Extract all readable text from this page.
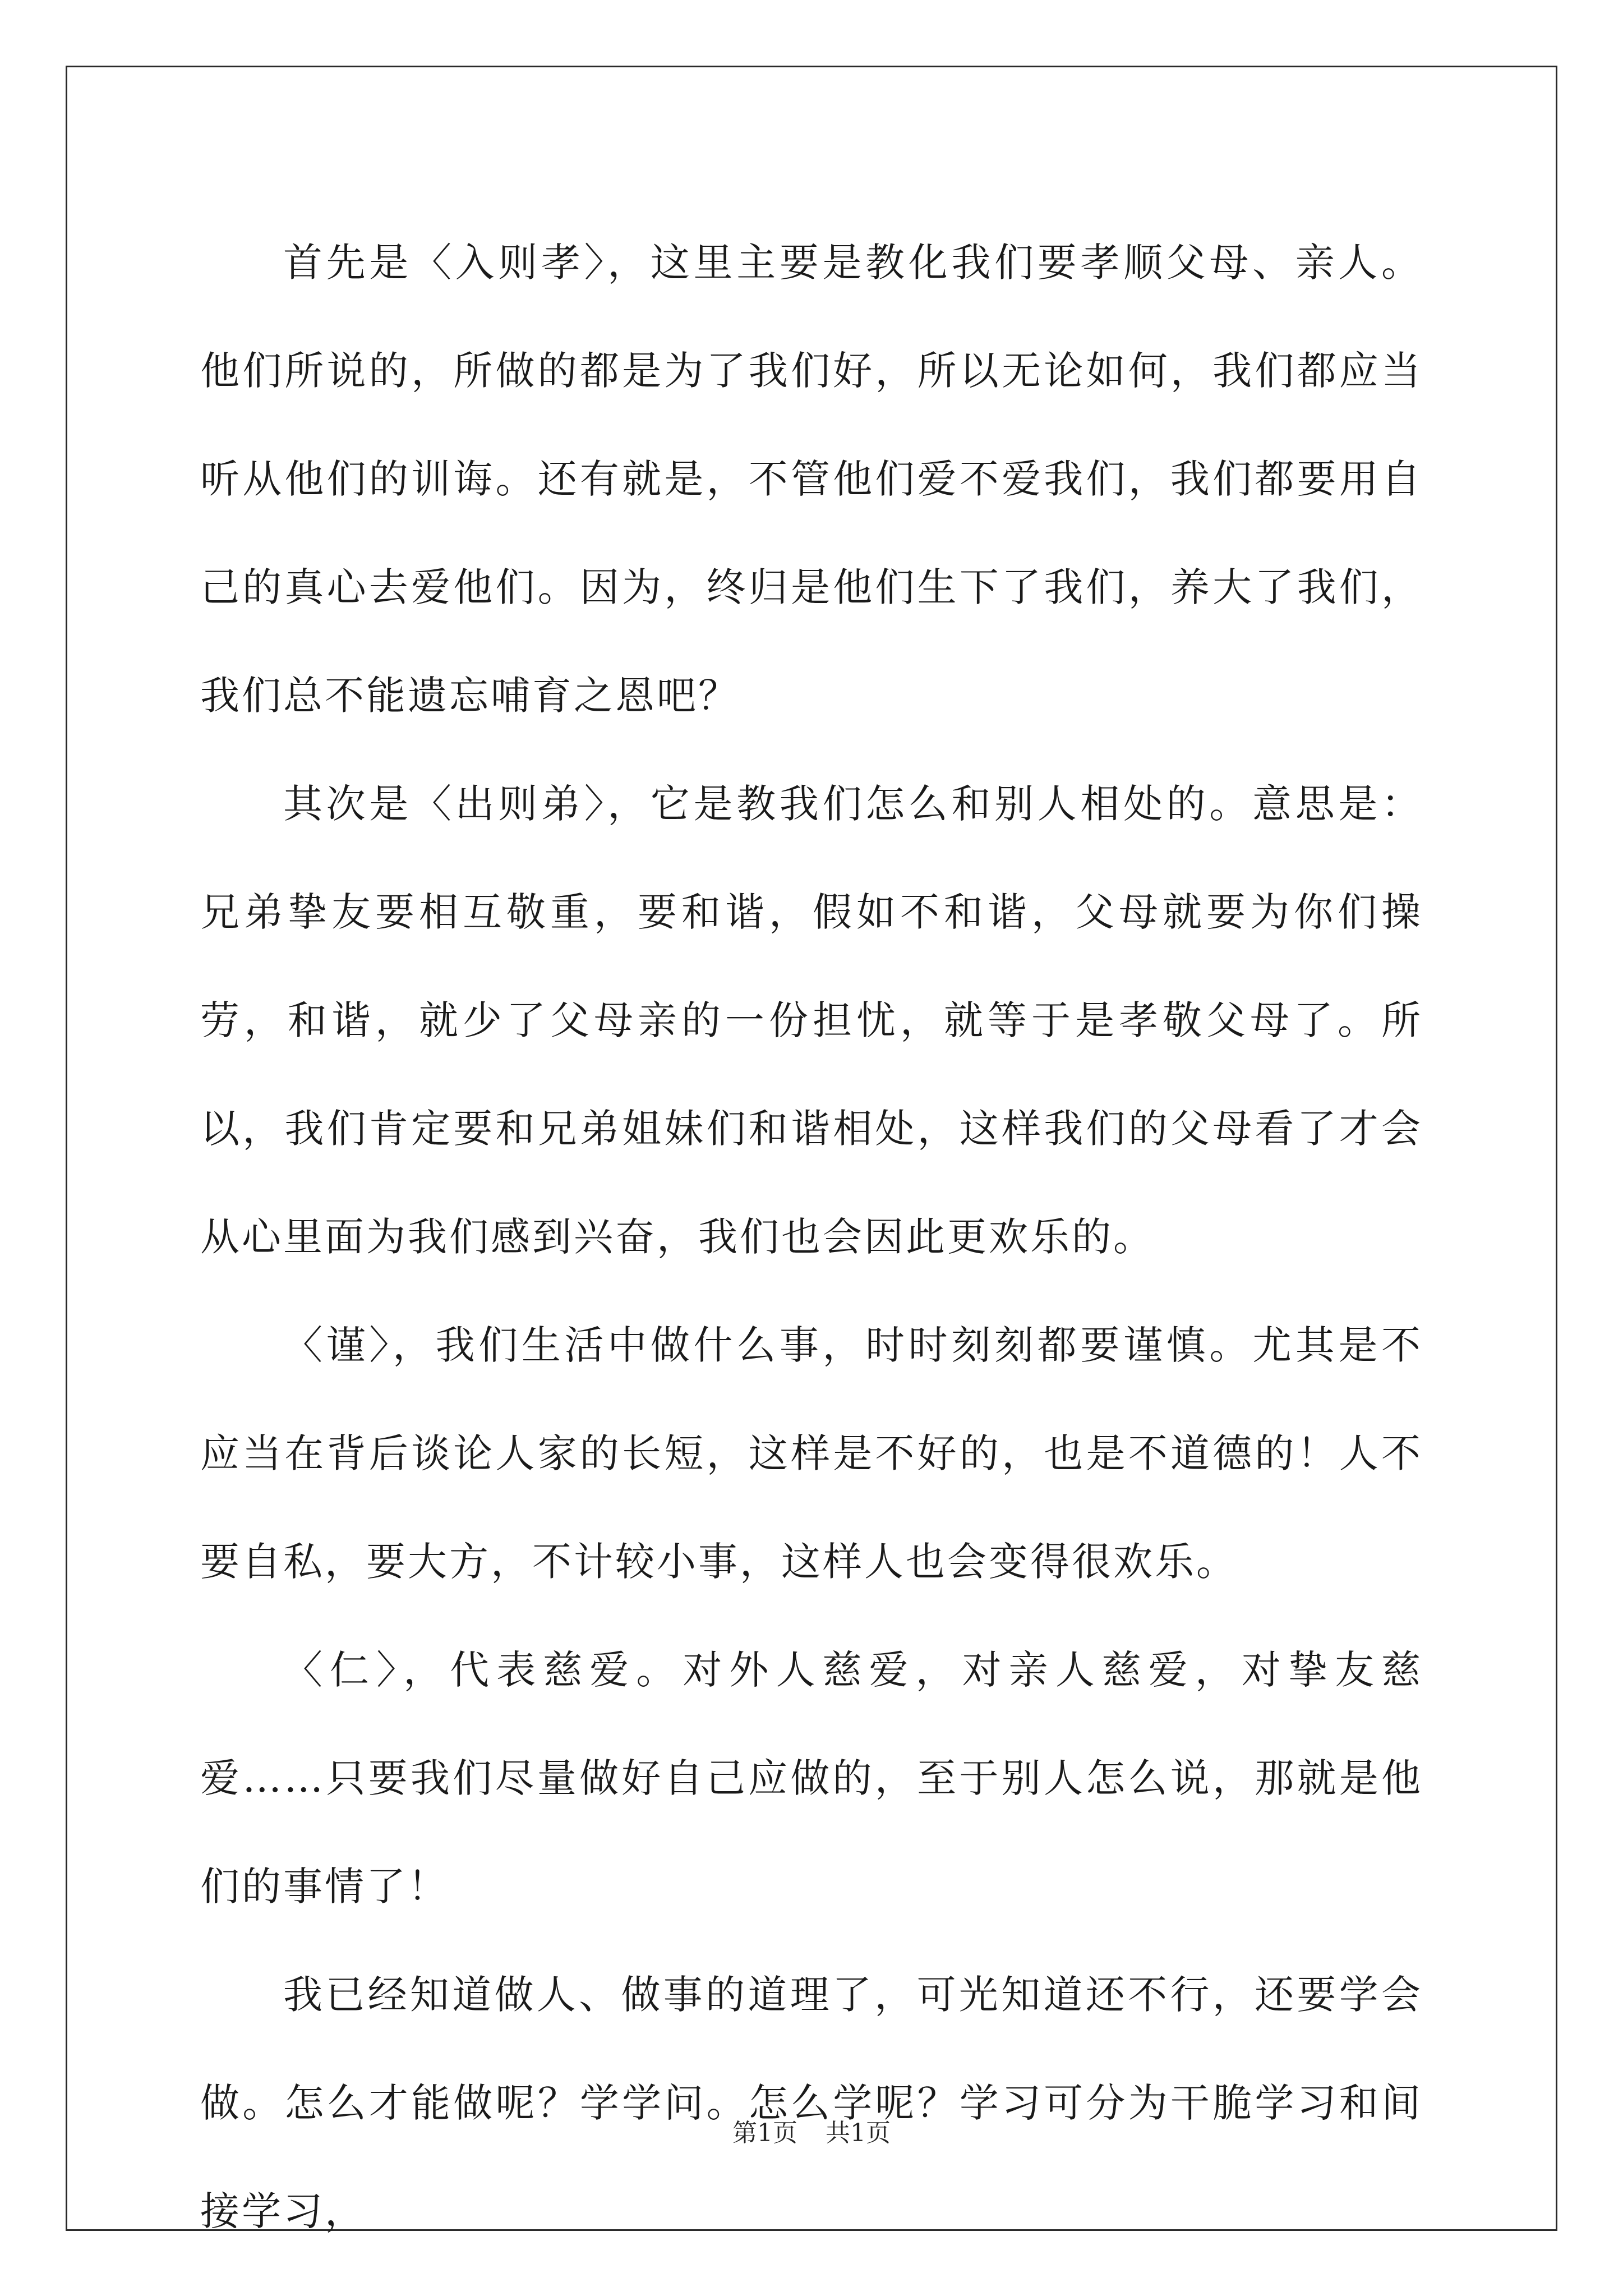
首先是〈入则孝〉，这里主要是教化我们要孝顺父母、亲人。他们所说的，所做的都是为了我们好，所以无论如何，我们都应当听从他们的训诲。还有就是，不管他们爱不爱我们，我们都要用自己的真心去爱他们。因为，终归是他们生下了我们，养大了我们，我们总不能遗忘哺育之恩吧？

其次是〈出则弟〉，它是教我们怎么和别人相处的。意思是：兄弟挚友要相互敬重，要和谐，假如不和谐，父母就要为你们操劳，和谐，就少了父母亲的一份担忧，就等于是孝敬父母了。所以，我们肯定要和兄弟姐妹们和谐相处，这样我们的父母看了才会从心里面为我们感到兴奋，我们也会因此更欢乐的。

〈谨〉，我们生活中做什么事，时时刻刻都要谨慎。尤其是不应当在背后谈论人家的长短，这样是不好的，也是不道德的！人不要自私，要大方，不计较小事，这样人也会变得很欢乐。

〈仁〉，代表慈爱。对外人慈爱，对亲人慈爱，对挚友慈爱……只要我们尽量做好自己应做的，至于别人怎么说，那就是他们的事情了！

我已经知道做人、做事的道理了，可光知道还不行，还要学会做。怎么才能做呢？学学问。怎么学呢？学习可分为干脆学习和间接学习，

第1页 共1页
